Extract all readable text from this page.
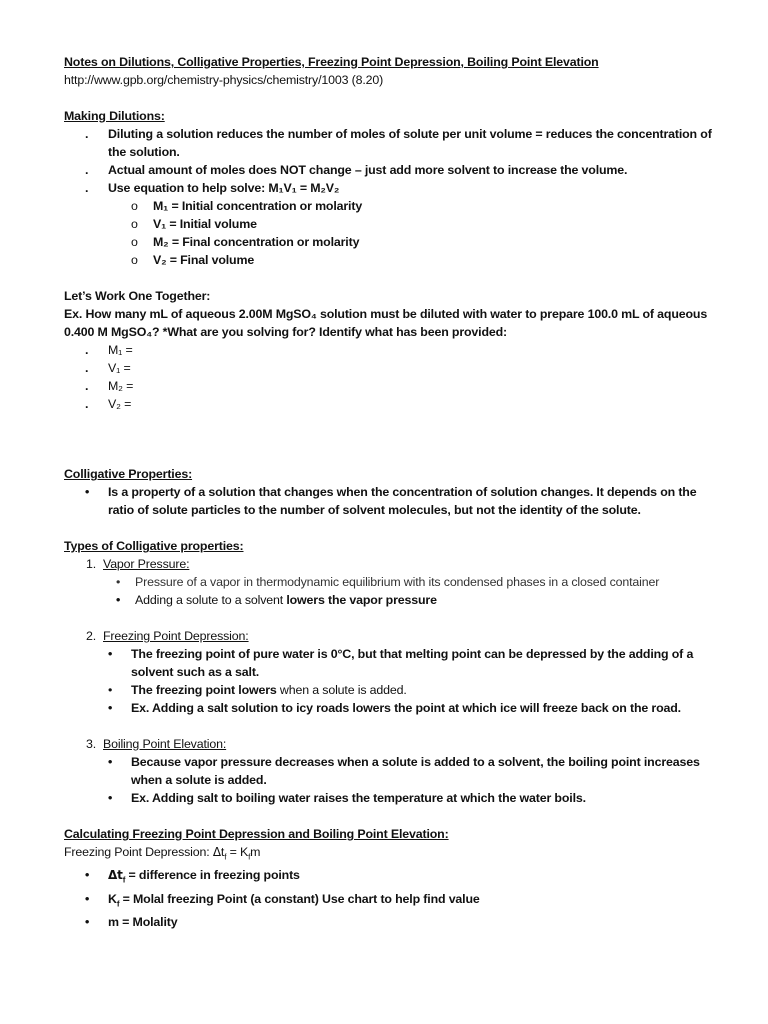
Notes on Dilutions, Colligative Properties, Freezing Point Depression, Boiling Point Elevation
http://www.gpb.org/chemistry-physics/chemistry/1003 (8.20)
Making Dilutions:
. Diluting a solution reduces the number of moles of solute per unit volume = reduces the concentration of
the solution.
. Actual amount of moles does NOT change – just add more solvent to increase the volume.
. Use equation to help solve: M₁V₁ = M₂V₂
o M₁ = Initial concentration or molarity
o V₁ = Initial volume
o M₂ = Final concentration or molarity
o V₂ = Final volume
Let’s Work One Together:
Ex. How many mL of aqueous 2.00M MgSO₄ solution must be diluted with water to prepare 100.0 mL of aqueous
0.400 M MgSO₄? *What are you solving for? Identify what has been provided:
. M₁ =
. V₁ =
. M₂ =
. V₂ =
Colligative Properties:
• Is a property of a solution that changes when the concentration of solution changes. It depends on the
ratio of solute particles to the number of solvent molecules, but not the identity of the solute.
Types of Colligative properties:
1. Vapor Pressure:
• Pressure of a vapor in thermodynamic equilibrium with its condensed phases in a closed container
• Adding a solute to a solvent lowers the vapor pressure
2. Freezing Point Depression:
• The freezing point of pure water is 0°C, but that melting point can be depressed by the adding of a
solvent such as a salt.
• The freezing point lowers when a solute is added.
• Ex. Adding a salt solution to icy roads lowers the point at which ice will freeze back on the road.
3. Boiling Point Elevation:
• Because vapor pressure decreases when a solute is added to a solvent, the boiling point increases
when a solute is added.
• Ex. Adding salt to boiling water raises the temperature at which the water boils.
Calculating Freezing Point Depression and Boiling Point Elevation:
Freezing Point Depression: $\Delta t_f = K_fm$
• $\Delta t_f$ = difference in freezing points
• $K_f$ = Molal freezing Point (a constant) Use chart to help find value
• m = Molality
